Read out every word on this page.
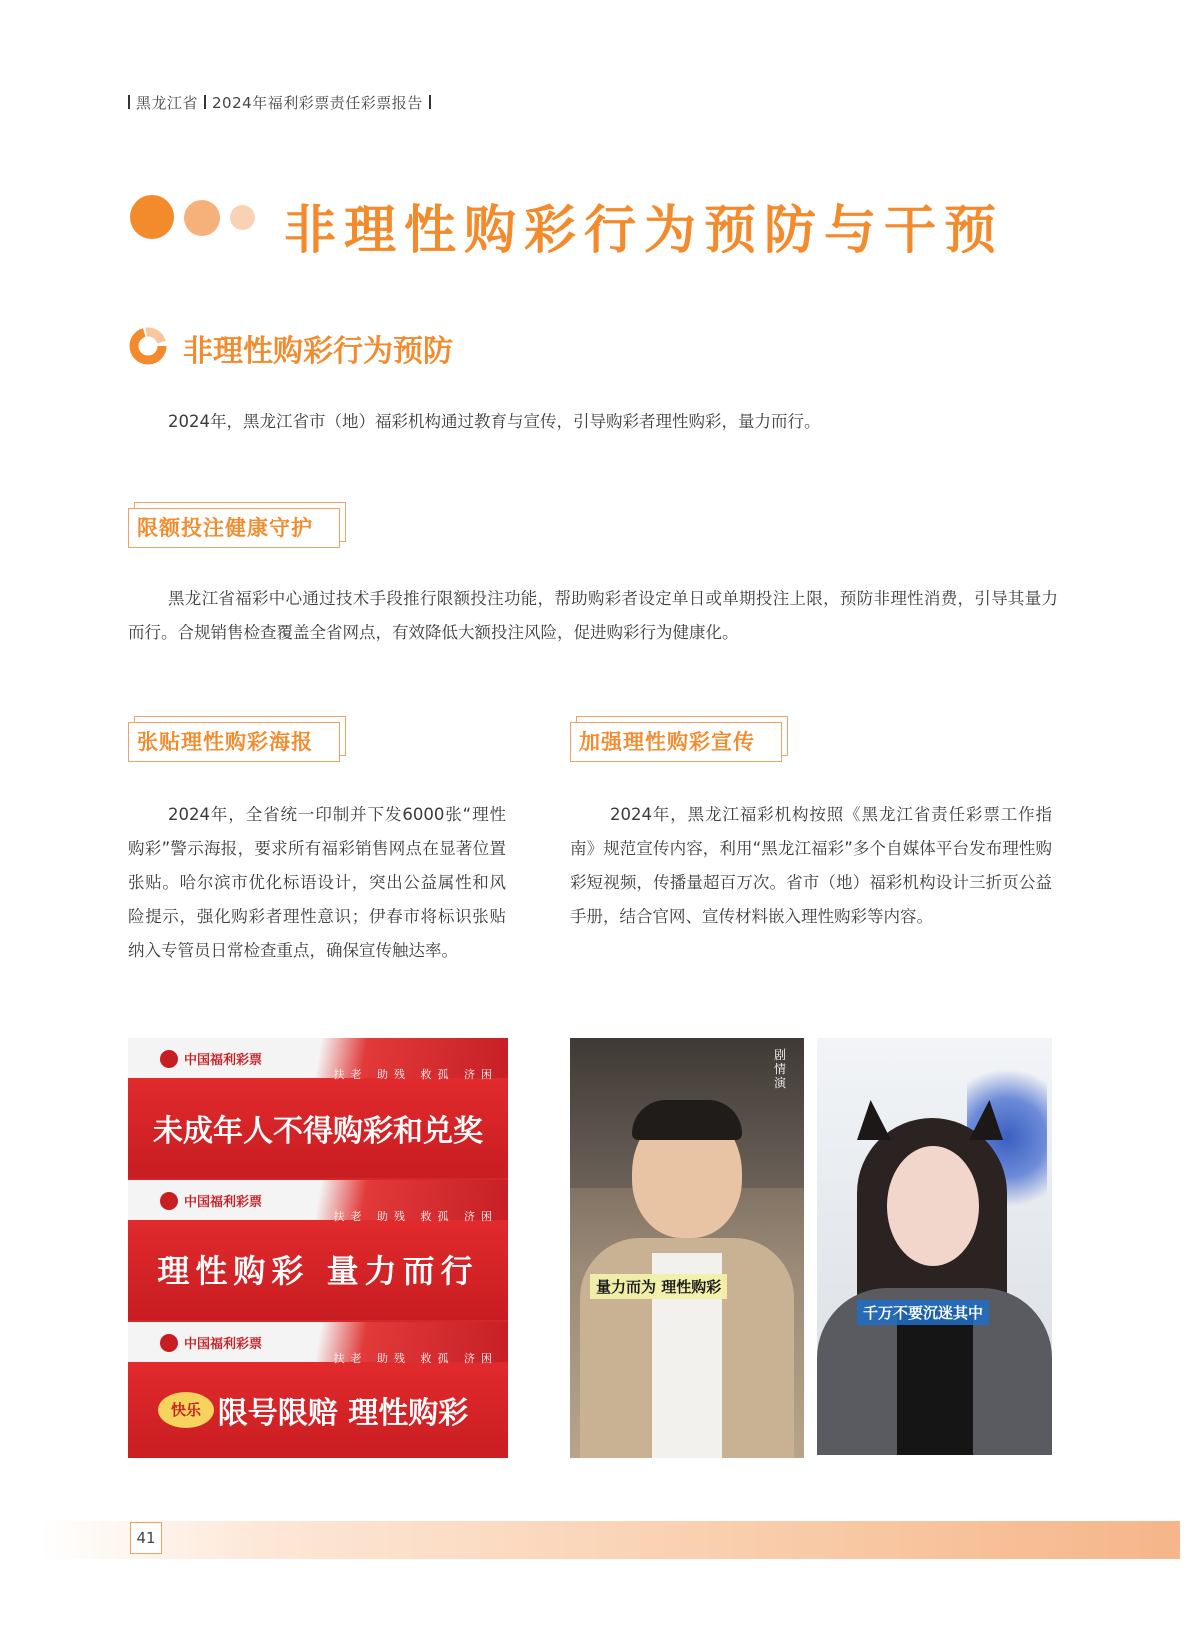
黑龙江省 2024年福利彩票责任彩票报告
非理性购彩行为预防与干预
非理性购彩行为预防
2024年，黑龙江省市（地）福彩机构通过教育与宣传，引导购彩者理性购彩，量力而行。
限额投注健康守护
黑龙江省福彩中心通过技术手段推行限额投注功能，帮助购彩者设定单日或单期投注上限，预防非理性消费，引导其量力而行。合规销售检查覆盖全省网点，有效降低大额投注风险，促进购彩行为健康化。
张贴理性购彩海报
2024年，全省统一印制并下发6000张“理性购彩”警示海报，要求所有福彩销售网点在显著位置张贴。哈尔滨市优化标语设计，突出公益属性和风险提示，强化购彩者理性意识；伊春市将标识张贴纳入专管员日常检查重点，确保宣传触达率。
加强理性购彩宣传
2024年，黑龙江福彩机构按照《黑龙江省责任彩票工作指南》规范宣传内容，利用“黑龙江福彩”多个自媒体平台发布理性购彩短视频，传播量超百万次。省市（地）福彩机构设计三折页公益手册，结合官网、宣传材料嵌入理性购彩等内容。
中国福利彩票
扶老 助残 救孤 济困
未成年人不得购彩和兑奖
中国福利彩票
扶老 助残 救孤 济困
理性购彩 量力而行
中国福利彩票
扶老 助残 救孤 济困
快乐 限号限赔 理性购彩
剧情演
量力而为 理性购彩
千万不要沉迷其中
41
